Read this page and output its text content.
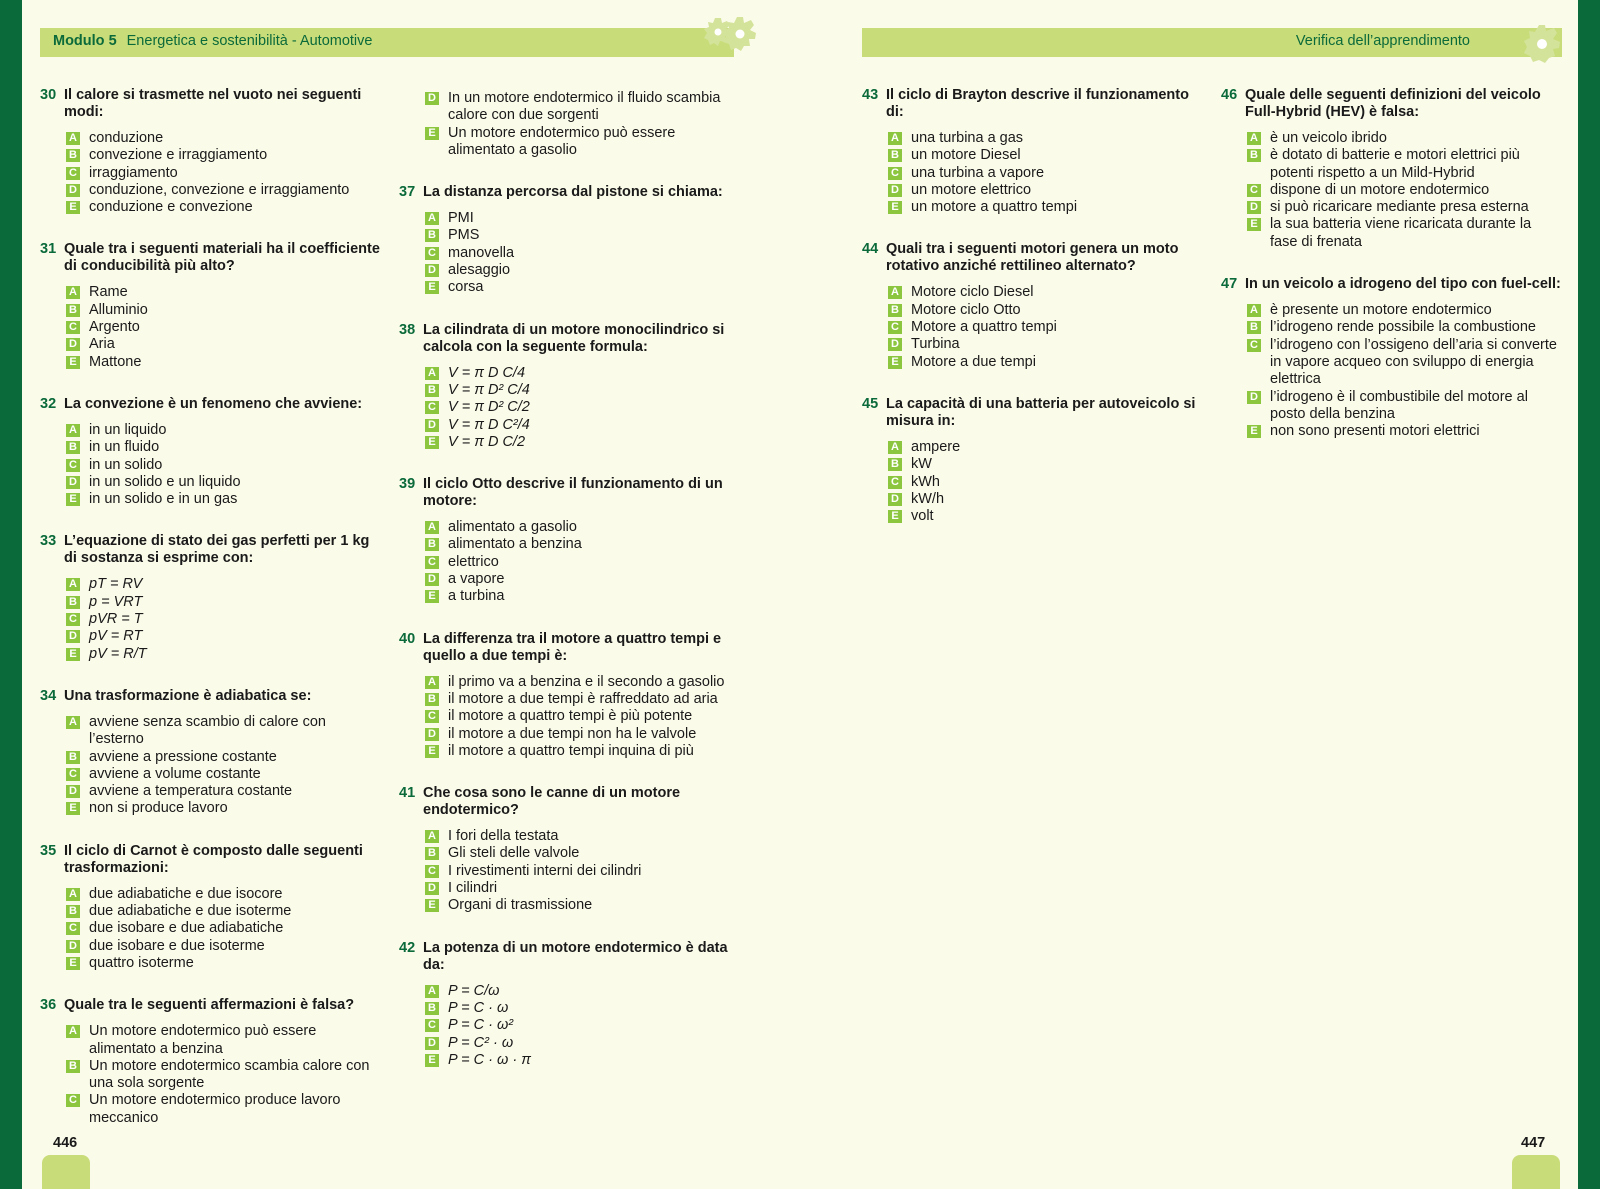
Modulo 5 Energetica e sostenibilità - Automotive	Verifica dell’apprendimento
30 Il calore si trasmette nel vuoto nei seguenti modi:
A conduzione
B convezione e irraggiamento
C irraggiamento
D conduzione, convezione e irraggiamento
E conduzione e convezione
31 Quale tra i seguenti materiali ha il coefficiente di conducibilità più alto?
A Rame
B Alluminio
C Argento
D Aria
E Mattone
32 La convezione è un fenomeno che avviene:
A in un liquido
B in un fluido
C in un solido
D in un solido e un liquido
E in un solido e in un gas
33 L’equazione di stato dei gas perfetti per 1 kg di sostanza si esprime con:
A pT = RV
B p = VRT
C pVR = T
D pV = RT
E pV = R/T
34 Una trasformazione è adiabatica se:
A avviene senza scambio di calore con l’esterno
B avviene a pressione costante
C avviene a volume costante
D avviene a temperatura costante
E non si produce lavoro
35 Il ciclo di Carnot è composto dalle seguenti trasformazioni:
A due adiabatiche e due isocore
B due adiabatiche e due isoterme
C due isobare e due adiabatiche
D due isobare e due isoterme
E quattro isoterme
36 Quale tra le seguenti affermazioni è falsa?
A Un motore endotermico può essere alimentato a benzina
B Un motore endotermico scambia calore con una sola sorgente
C Un motore endotermico produce lavoro meccanico
D In un motore endotermico il fluido scambia calore con due sorgenti
E Un motore endotermico può essere alimentato a gasolio
37 La distanza percorsa dal pistone si chiama:
A PMI
B PMS
C manovella
D alesaggio
E corsa
38 La cilindrata di un motore monocilindrico si calcola con la seguente formula:
A V = π D C/4
B V = π D² C/4
C V = π D² C/2
D V = π D C²/4
E V = π D C/2
39 Il ciclo Otto descrive il funzionamento di un motore:
A alimentato a gasolio
B alimentato a benzina
C elettrico
D a vapore
E a turbina
40 La differenza tra il motore a quattro tempi e quello a due tempi è:
A il primo va a benzina e il secondo a gasolio
B il motore a due tempi è raffreddato ad aria
C il motore a quattro tempi è più potente
D il motore a due tempi non ha le valvole
E il motore a quattro tempi inquina di più
41 Che cosa sono le canne di un motore endotermico?
A I fori della testata
B Gli steli delle valvole
C I rivestimenti interni dei cilindri
D I cilindri
E Organi di trasmissione
42 La potenza di un motore endotermico è data da:
A P = C/ω
B P = C · ω
C P = C · ω²
D P = C² · ω
E P = C · ω · π
43 Il ciclo di Brayton descrive il funzionamento di:
A una turbina a gas
B un motore Diesel
C una turbina a vapore
D un motore elettrico
E un motore a quattro tempi
44 Quali tra i seguenti motori genera un moto rotativo anziché rettilineo alternato?
A Motore ciclo Diesel
B Motore ciclo Otto
C Motore a quattro tempi
D Turbina
E Motore a due tempi
45 La capacità di una batteria per autoveicolo si misura in:
A ampere
B kW
C kWh
D kW/h
E volt
46 Quale delle seguenti definizioni del veicolo Full-Hybrid (HEV) è falsa:
A è un veicolo ibrido
B è dotato di batterie e motori elettrici più potenti rispetto a un Mild-Hybrid
C dispone di un motore endotermico
D si può ricaricare mediante presa esterna
E la sua batteria viene ricaricata durante la fase di frenata
47 In un veicolo a idrogeno del tipo con fuel-cell:
A è presente un motore endotermico
B l’idrogeno rende possibile la combustione
C l’idrogeno con l’ossigeno dell’aria si converte in vapore acqueo con sviluppo di energia elettrica
D l’idrogeno è il combustibile del motore al posto della benzina
E non sono presenti motori elettrici
446	447
